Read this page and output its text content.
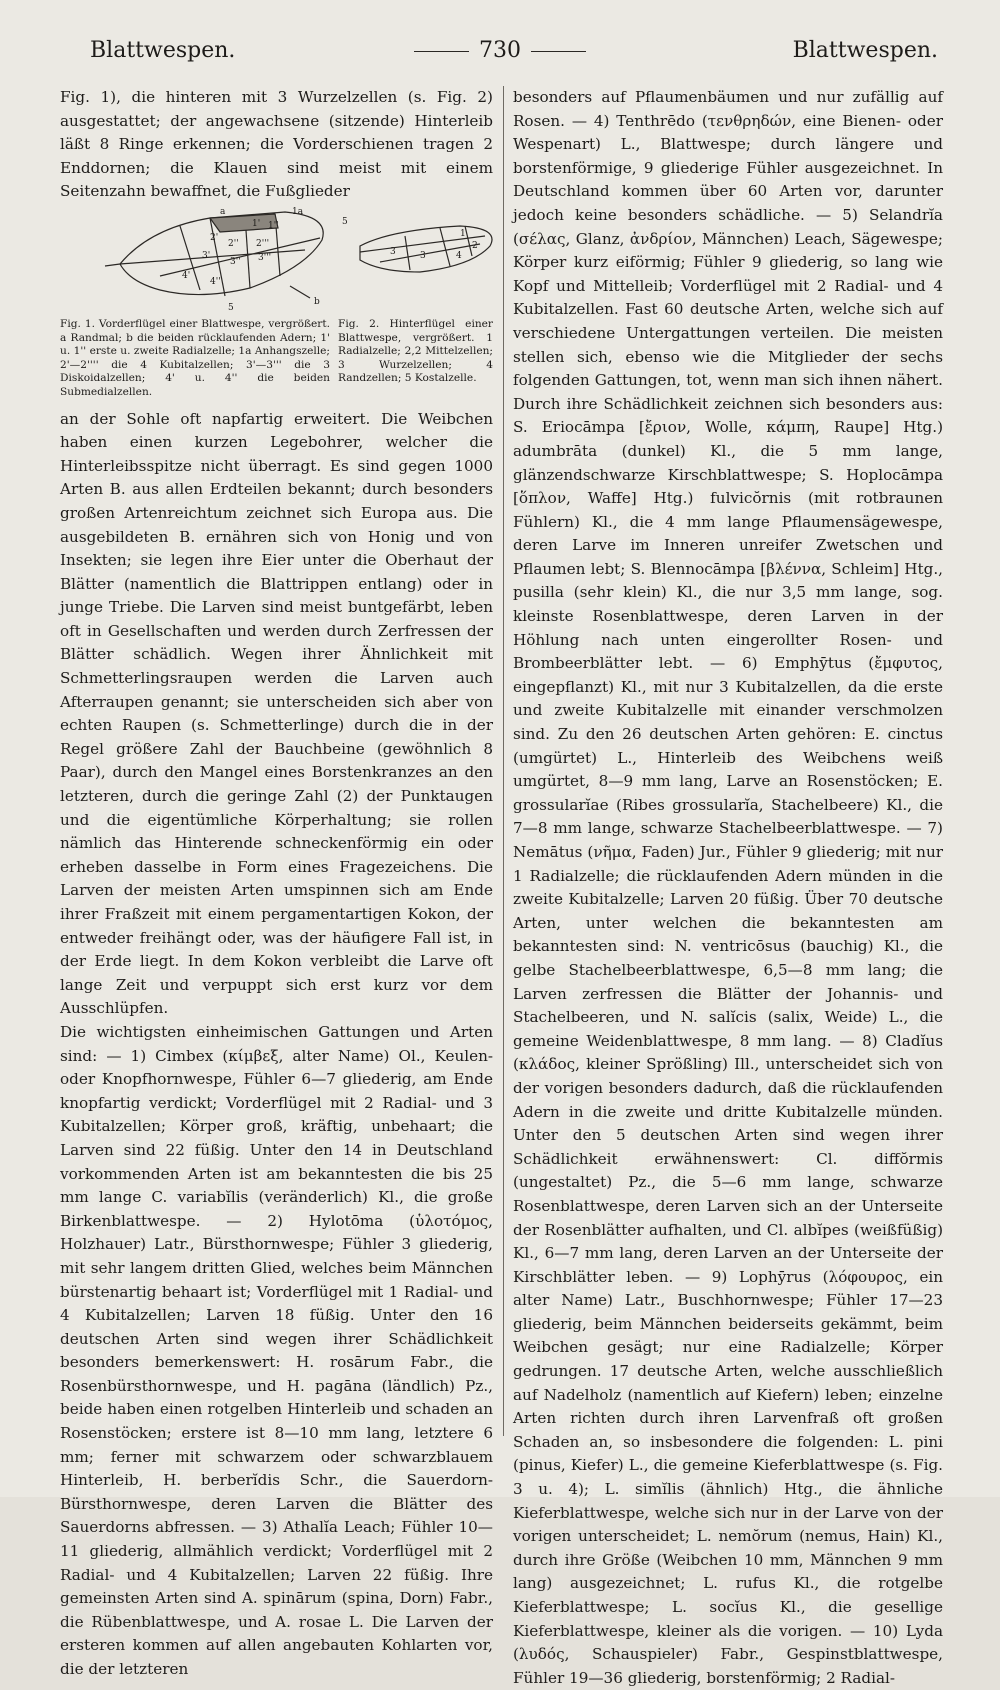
Blattwespen.	730	Blattwespen.

Fig. 1), die hinteren mit 3 Wurzelzellen (s. Fig. 2) ausgestattet; der angewachsene (sitzende) Hinterleib läßt 8 Ringe erkennen; die Vorderschienen tragen 2 Enddornen; die Klauen sind meist mit einem Seitenzahn bewaffnet, die Fußglieder

a	1a
5
1' 1''
2'
2'' 2'''
3'
3'' 3'''
4'
4''
b
5
1
2
3	3	4
Fig. 1. Vorderflügel einer Blattwespe, vergrößert. a Randmal; b die beiden rücklaufenden Adern; 1' u. 1'' erste u. zweite Radialzelle; 1a Anhangszelle; 2'—2'''' die 4 Kubitalzellen; 3'—3''' die 3 Diskoidalzellen; 4' u. 4'' die beiden Submedialzellen.
Fig. 2. Hinterflügel einer Blattwespe, vergrößert. 1 Radialzelle; 2,2 Mittelzellen; 3 Wurzelzellen; 4 Randzellen; 5 Kostalzelle.

an der Sohle oft napfartig erweitert. Die Weibchen haben einen kurzen Legebohrer, welcher die Hinterleibsspitze nicht überragt. Es sind gegen 1000 Arten B. aus allen Erdteilen bekannt; durch besonders großen Artenreichtum zeichnet sich Europa aus. Die ausgebildeten B. ernähren sich von Honig und von Insekten; sie legen ihre Eier unter die Oberhaut der Blätter (namentlich die Blattrippen entlang) oder in junge Triebe. Die Larven sind meist buntgefärbt, leben oft in Gesellschaften und werden durch Zerfressen der Blätter schädlich. Wegen ihrer Ähnlichkeit mit Schmetterlingsraupen werden die Larven auch Afterraupen genannt; sie unterscheiden sich aber von echten Raupen (s. Schmetterlinge) durch die in der Regel größere Zahl der Bauchbeine (gewöhnlich 8 Paar), durch den Mangel eines Borstenkranzes an den letzteren, durch die geringe Zahl (2) der Punktaugen und die eigentümliche Körperhaltung; sie rollen nämlich das Hinterende schneckenförmig ein oder erheben dasselbe in Form eines Fragezeichens. Die Larven der meisten Arten umspinnen sich am Ende ihrer Fraßzeit mit einem pergamentartigen Kokon, der entweder freihängt oder, was der häufigere Fall ist, in der Erde liegt. In dem Kokon verbleibt die Larve oft lange Zeit und verpuppt sich erst kurz vor dem Ausschlüpfen.

Die wichtigsten einheimischen Gattungen und Arten sind: — 1) Cimbex (κίμβεξ, alter Name) Ol., Keulen- oder Knopfhornwespe, Fühler 6—7 gliederig, am Ende knopfartig verdickt; Vorderflügel mit 2 Radial- und 3 Kubitalzellen; Körper groß, kräftig, unbehaart; die Larven sind 22 füßig. Unter den 14 in Deutschland vorkommenden Arten ist am bekanntesten die bis 25 mm lange C. variabĭlis (veränderlich) Kl., die große Birkenblattwespe. — 2) Hylotōma (ὑλοτόμος, Holzhauer) Latr., Bürsthornwespe; Fühler 3 gliederig, mit sehr langem dritten Glied, welches beim Männchen bürstenartig behaart ist; Vorderflügel mit 1 Radial- und 4 Kubitalzellen; Larven 18 füßig. Unter den 16 deutschen Arten sind wegen ihrer Schädlichkeit besonders bemerkenswert: H. rosārum Fabr., die Rosenbürsthornwespe, und H. pagāna (ländlich) Pz., beide haben einen rotgelben Hinterleib und schaden an Rosenstöcken; erstere ist 8—10 mm lang, letztere 6 mm; ferner mit schwarzem oder schwarzblauem Hinterleib, H. berberĭdis Schr., die Sauerdorn-Bürsthornwespe, deren Larven die Blätter des Sauerdorns abfressen. — 3) Athalĭa Leach; Fühler 10—11 gliederig, allmählich verdickt; Vorderflügel mit 2 Radial- und 4 Kubitalzellen; Larven 22 füßig. Ihre gemeinsten Arten sind A. spinārum (spina, Dorn) Fabr., die Rübenblattwespe, und A. rosae L. Die Larven der ersteren kommen auf allen angebauten Kohlarten vor, die der letzteren

besonders auf Pflaumenbäumen und nur zufällig auf Rosen. — 4) Tenthrēdo (τενθρηδών, eine Bienen- oder Wespenart) L., Blattwespe; durch längere und borstenförmige, 9 gliederige Fühler ausgezeichnet. In Deutschland kommen über 60 Arten vor, darunter jedoch keine besonders schädliche. — 5) Selandrĭa (σέλας, Glanz, ἀνδρίον, Männchen) Leach, Sägewespe; Körper kurz eiförmig; Fühler 9 gliederig, so lang wie Kopf und Mittelleib; Vorderflügel mit 2 Radial- und 4 Kubitalzellen. Fast 60 deutsche Arten, welche sich auf verschiedene Untergattungen verteilen. Die meisten stellen sich, ebenso wie die Mitglieder der sechs folgenden Gattungen, tot, wenn man sich ihnen nähert. Durch ihre Schädlichkeit zeichnen sich besonders aus: S. Eriocāmpa [ἔριον, Wolle, κάμπη, Raupe] Htg.) adumbrāta (dunkel) Kl., die 5 mm lange, glänzendschwarze Kirschblattwespe; S. Hoplocāmpa [ὅπλον, Waffe] Htg.) fulvicŏrnis (mit rotbraunen Fühlern) Kl., die 4 mm lange Pflaumensägewespe, deren Larve im Inneren unreifer Zwetschen und Pflaumen lebt; S. Blennocāmpa [βλέννα, Schleim] Htg., pusilla (sehr klein) Kl., die nur 3,5 mm lange, sog. kleinste Rosenblattwespe, deren Larven in der Höhlung nach unten eingerollter Rosen- und Brombeerblätter lebt. — 6) Emphȳtus (ἔμφυτος, eingepflanzt) Kl., mit nur 3 Kubitalzellen, da die erste und zweite Kubitalzelle mit einander verschmolzen sind. Zu den 26 deutschen Arten gehören: E. cinctus (umgürtet) L., Hinterleib des Weibchens weiß umgürtet, 8—9 mm lang, Larve an Rosenstöcken; E. grossularĭae (Ribes grossularĭa, Stachelbeere) Kl., die 7—8 mm lange, schwarze Stachelbeerblattwespe. — 7) Nemātus (νῆμα, Faden) Jur., Fühler 9 gliederig; mit nur 1 Radialzelle; die rücklaufenden Adern münden in die zweite Kubitalzelle; Larven 20 füßig. Über 70 deutsche Arten, unter welchen die bekanntesten am bekanntesten sind: N. ventricōsus (bauchig) Kl., die gelbe Stachelbeerblattwespe, 6,5—8 mm lang; die Larven zerfressen die Blätter der Johannis- und Stachelbeeren, und N. salĭcis (salix, Weide) L., die gemeine Weidenblattwespe, 8 mm lang. — 8) Cladĭus (κλάδος, kleiner Sprößling) Ill., unterscheidet sich von der vorigen besonders dadurch, daß die rücklaufenden Adern in die zweite und dritte Kubitalzelle münden. Unter den 5 deutschen Arten sind wegen ihrer Schädlichkeit erwähnenswert: Cl. diffŏrmis (ungestaltet) Pz., die 5—6 mm lange, schwarze Rosenblattwespe, deren Larven sich an der Unterseite der Rosenblätter aufhalten, und Cl. albĭpes (weißfüßig) Kl., 6—7 mm lang, deren Larven an der Unterseite der Kirschblätter leben. — 9) Lophȳrus (λόφουρος, ein alter Name) Latr., Buschhornwespe; Fühler 17—23 gliederig, beim Männchen beiderseits gekämmt, beim Weibchen gesägt; nur eine Radialzelle; Körper gedrungen. 17 deutsche Arten, welche ausschließlich auf Nadelholz (namentlich auf Kiefern) leben; einzelne Arten richten durch ihren Larvenfraß oft großen Schaden an, so insbesondere die folgenden: L. pini (pinus, Kiefer) L., die gemeine Kieferblattwespe (s. Fig. 3 u. 4); L. simĭlis (ähnlich) Htg., die ähnliche Kieferblattwespe, welche sich nur in der Larve von der vorigen unterscheidet; L. nemŏrum (nemus, Hain) Kl., durch ihre Größe (Weibchen 10 mm, Männchen 9 mm lang) ausgezeichnet; L. rufus Kl., die rotgelbe Kieferblattwespe; L. socĭus Kl., die gesellige Kieferblattwespe, kleiner als die vorigen. — 10) Lyda (λυδός, Schauspieler) Fabr., Gespinstblattwespe, Fühler 19—36 gliederig, borstenförmig; 2 Radial-
